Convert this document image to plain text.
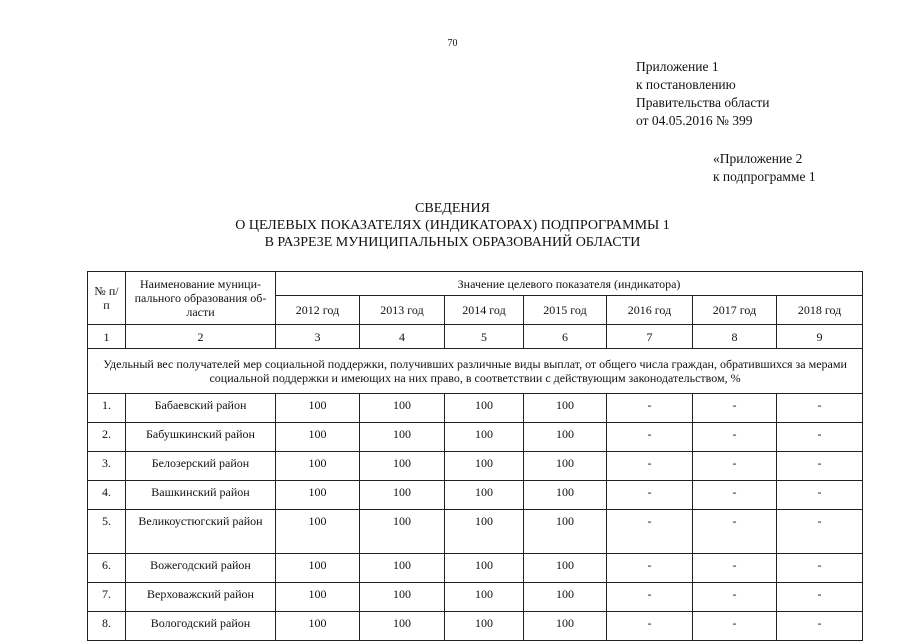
70
Приложение 1
к постановлению
Правительства области
от 04.05.2016 № 399
«Приложение 2
к подпрограмме 1
СВЕДЕНИЯ
О ЦЕЛЕВЫХ ПОКАЗАТЕЛЯХ (ИНДИКАТОРАХ) ПОДПРОГРАММЫ 1
В РАЗРЕЗЕ МУНИЦИПАЛЬНЫХ ОБРАЗОВАНИЙ ОБЛАСТИ
№ п/п	Наименование муници-пального образования об-ласти	Значение целевого показателя (индикатора)						
		2012 год	2013 год	2014 год	2015 год	2016 год	2017 год	2018 год
1	2	3	4	5	6	7	8	9
Удельный вес получателей мер социальной поддержки, получивших различные виды выплат, от общего числа граждан, обратившихся за мерами социальной поддержки и имеющих на них право, в соответствии с действующим законодательством, %								
1.	Бабаевский район	100	100	100	100	-	-	-
2.	Бабушкинский район	100	100	100	100	-	-	-
3.	Белозерский район	100	100	100	100	-	-	-
4.	Вашкинский район	100	100	100	100	-	-	-
5.	Великоустюгский район	100	100	100	100	-	-	-
6.	Вожегодский район	100	100	100	100	-	-	-
7.	Верховажский район	100	100	100	100	-	-	-
8.	Вологодский район	100	100	100	100	-	-	-
